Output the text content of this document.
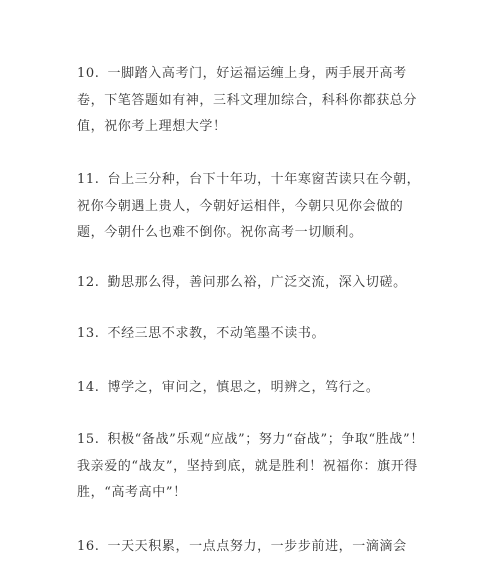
10. 一脚踏入高考门，好运福运缠上身，两手展开高考卷，下笔答题如有神，三科文理加综合，科科你都获总分值，祝你考上理想大学！

11. 台上三分种，台下十年功，十年寒窗苦读只在今朝，祝你今朝遇上贵人，今朝好运相伴，今朝只见你会做的题，今朝什么也难不倒你。祝你高考一切顺利。

12. 勤思那么得，善问那么裕，广泛交流，深入切磋。

13. 不经三思不求教，不动笔墨不读书。

14. 博学之，审问之，慎思之，明辨之，笃行之。

15. 积极“备战”乐观“应战”；努力“奋战”；争取“胜战”！我亲爱的“战友”，坚持到底，就是胜利！祝福你：旗开得胜，“高考高中”！

16. 一天天积累，一点点努力，一步步前进，一滴滴会
